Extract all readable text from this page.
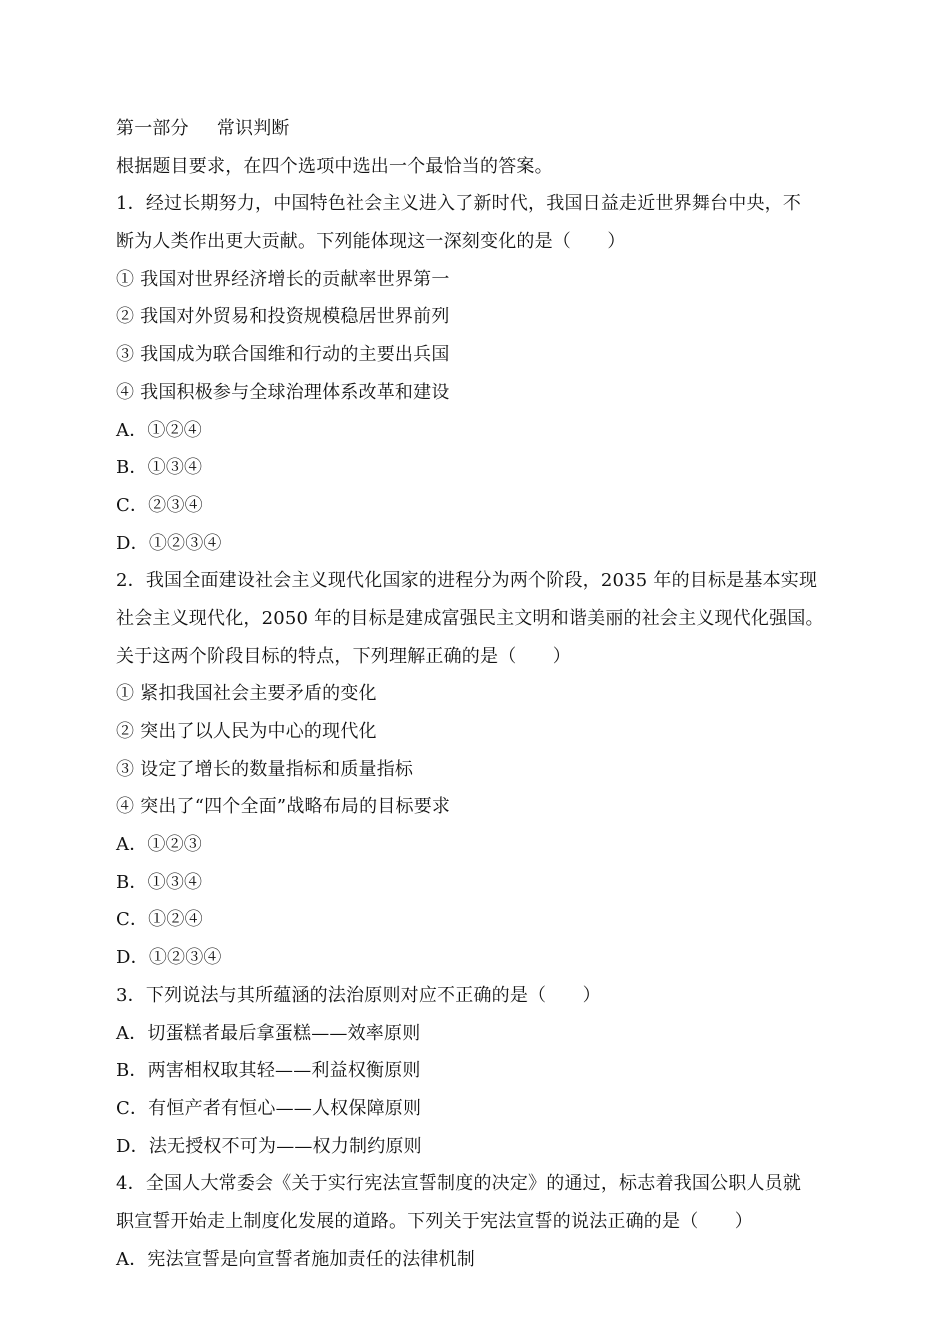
第一部分 常识判断
根据题目要求，在四个选项中选出一个最恰当的答案。
1．经过长期努力，中国特色社会主义进入了新时代，我国日益走近世界舞台中央，不
断为人类作出更大贡献。下列能体现这一深刻变化的是（　　）
① 我国对世界经济增长的贡献率世界第一
② 我国对外贸易和投资规模稳居世界前列
③ 我国成为联合国维和行动的主要出兵国
④ 我国积极参与全球治理体系改革和建设
A．①②④
B．①③④
C．②③④
D．①②③④
2．我国全面建设社会主义现代化国家的进程分为两个阶段，2035 年的目标是基本实现
社会主义现代化，2050 年的目标是建成富强民主文明和谐美丽的社会主义现代化强国。
关于这两个阶段目标的特点，下列理解正确的是（　　）
① 紧扣我国社会主要矛盾的变化
② 突出了以人民为中心的现代化
③ 设定了增长的数量指标和质量指标
④ 突出了“四个全面”战略布局的目标要求
A．①②③
B．①③④
C．①②④
D．①②③④
3．下列说法与其所蕴涵的法治原则对应不正确的是（　　）
A．切蛋糕者最后拿蛋糕——效率原则
B．两害相权取其轻——利益权衡原则
C．有恒产者有恒心——人权保障原则
D．法无授权不可为——权力制约原则
4．全国人大常委会《关于实行宪法宣誓制度的决定》的通过，标志着我国公职人员就
职宣誓开始走上制度化发展的道路。下列关于宪法宣誓的说法正确的是（　　）
A．宪法宣誓是向宣誓者施加责任的法律机制
